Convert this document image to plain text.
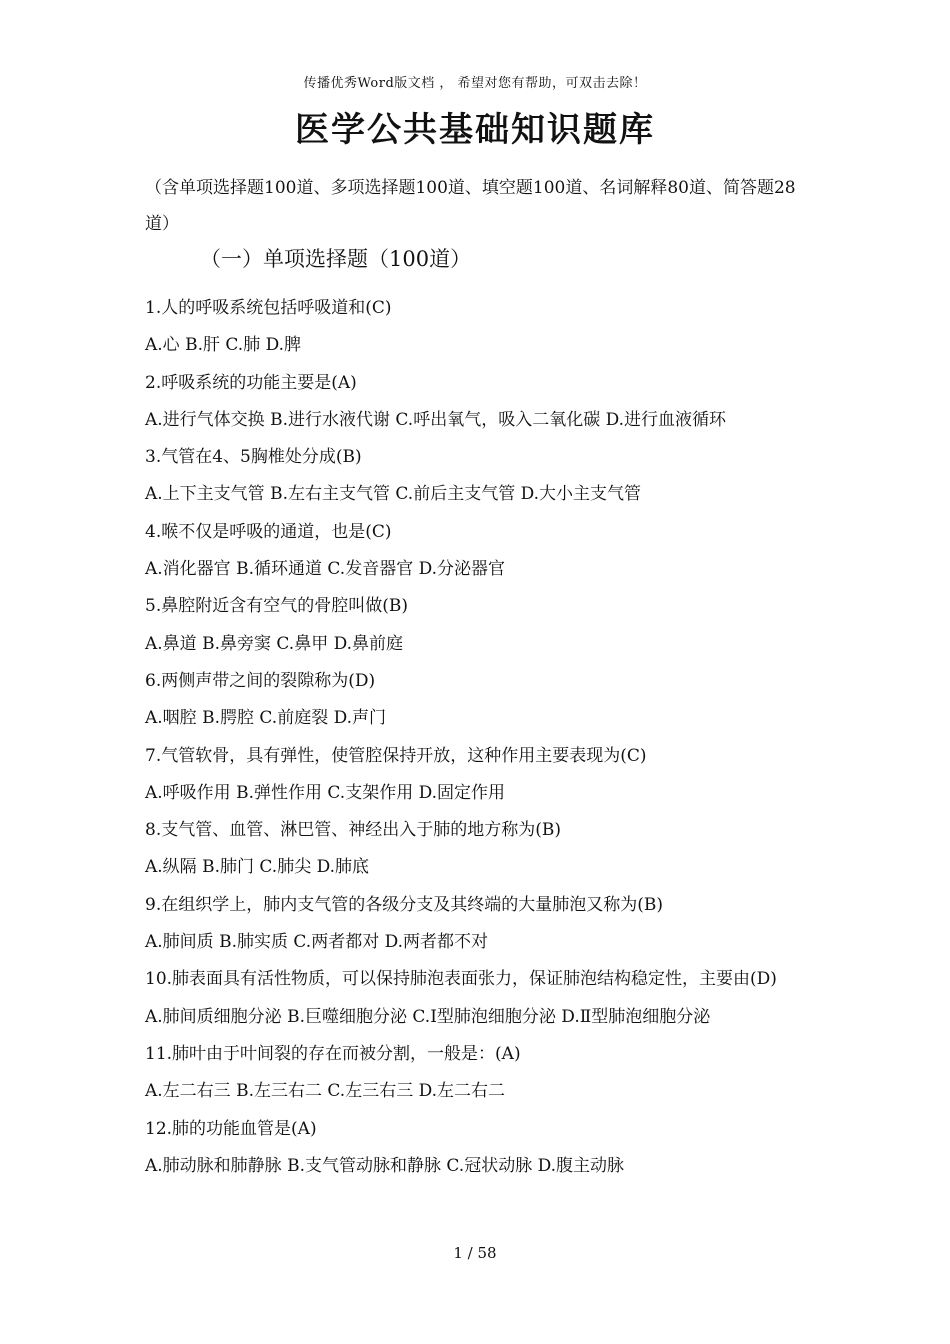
传播优秀Word版文档 ， 希望对您有帮助，可双击去除！
医学公共基础知识题库
（含单项选择题100道、多项选择题100道、填空题100道、名词解释80道、简答题28道）
（一）单项选择题（100道）
1.人的呼吸系统包括呼吸道和(C)
A.心 B.肝 C.肺 D.脾
2.呼吸系统的功能主要是(A)
A.进行气体交换 B.进行水液代谢 C.呼出氧气，吸入二氧化碳 D.进行血液循环
3.气管在4、5胸椎处分成(B)
A.上下主支气管 B.左右主支气管 C.前后主支气管 D.大小主支气管
4.喉不仅是呼吸的通道，也是(C)
A.消化器官 B.循环通道 C.发音器官 D.分泌器官
5.鼻腔附近含有空气的骨腔叫做(B)
A.鼻道 B.鼻旁窦 C.鼻甲 D.鼻前庭
6.两侧声带之间的裂隙称为(D)
A.咽腔 B.腭腔 C.前庭裂 D.声门
7.气管软骨，具有弹性，使管腔保持开放，这种作用主要表现为(C)
A.呼吸作用 B.弹性作用 C.支架作用 D.固定作用
8.支气管、血管、淋巴管、神经出入于肺的地方称为(B)
A.纵隔 B.肺门 C.肺尖 D.肺底
9.在组织学上，肺内支气管的各级分支及其终端的大量肺泡又称为(B)
A.肺间质 B.肺实质 C.两者都对 D.两者都不对
10.肺表面具有活性物质，可以保持肺泡表面张力，保证肺泡结构稳定性，主要由(D)
A.肺间质细胞分泌 B.巨噬细胞分泌 C.Ⅰ型肺泡细胞分泌 D.Ⅱ型肺泡细胞分泌
11.肺叶由于叶间裂的存在而被分割，一般是：(A)
A.左二右三 B.左三右二 C.左三右三 D.左二右二
12.肺的功能血管是(A)
A.肺动脉和肺静脉 B.支气管动脉和静脉 C.冠状动脉 D.腹主动脉
1 / 58
